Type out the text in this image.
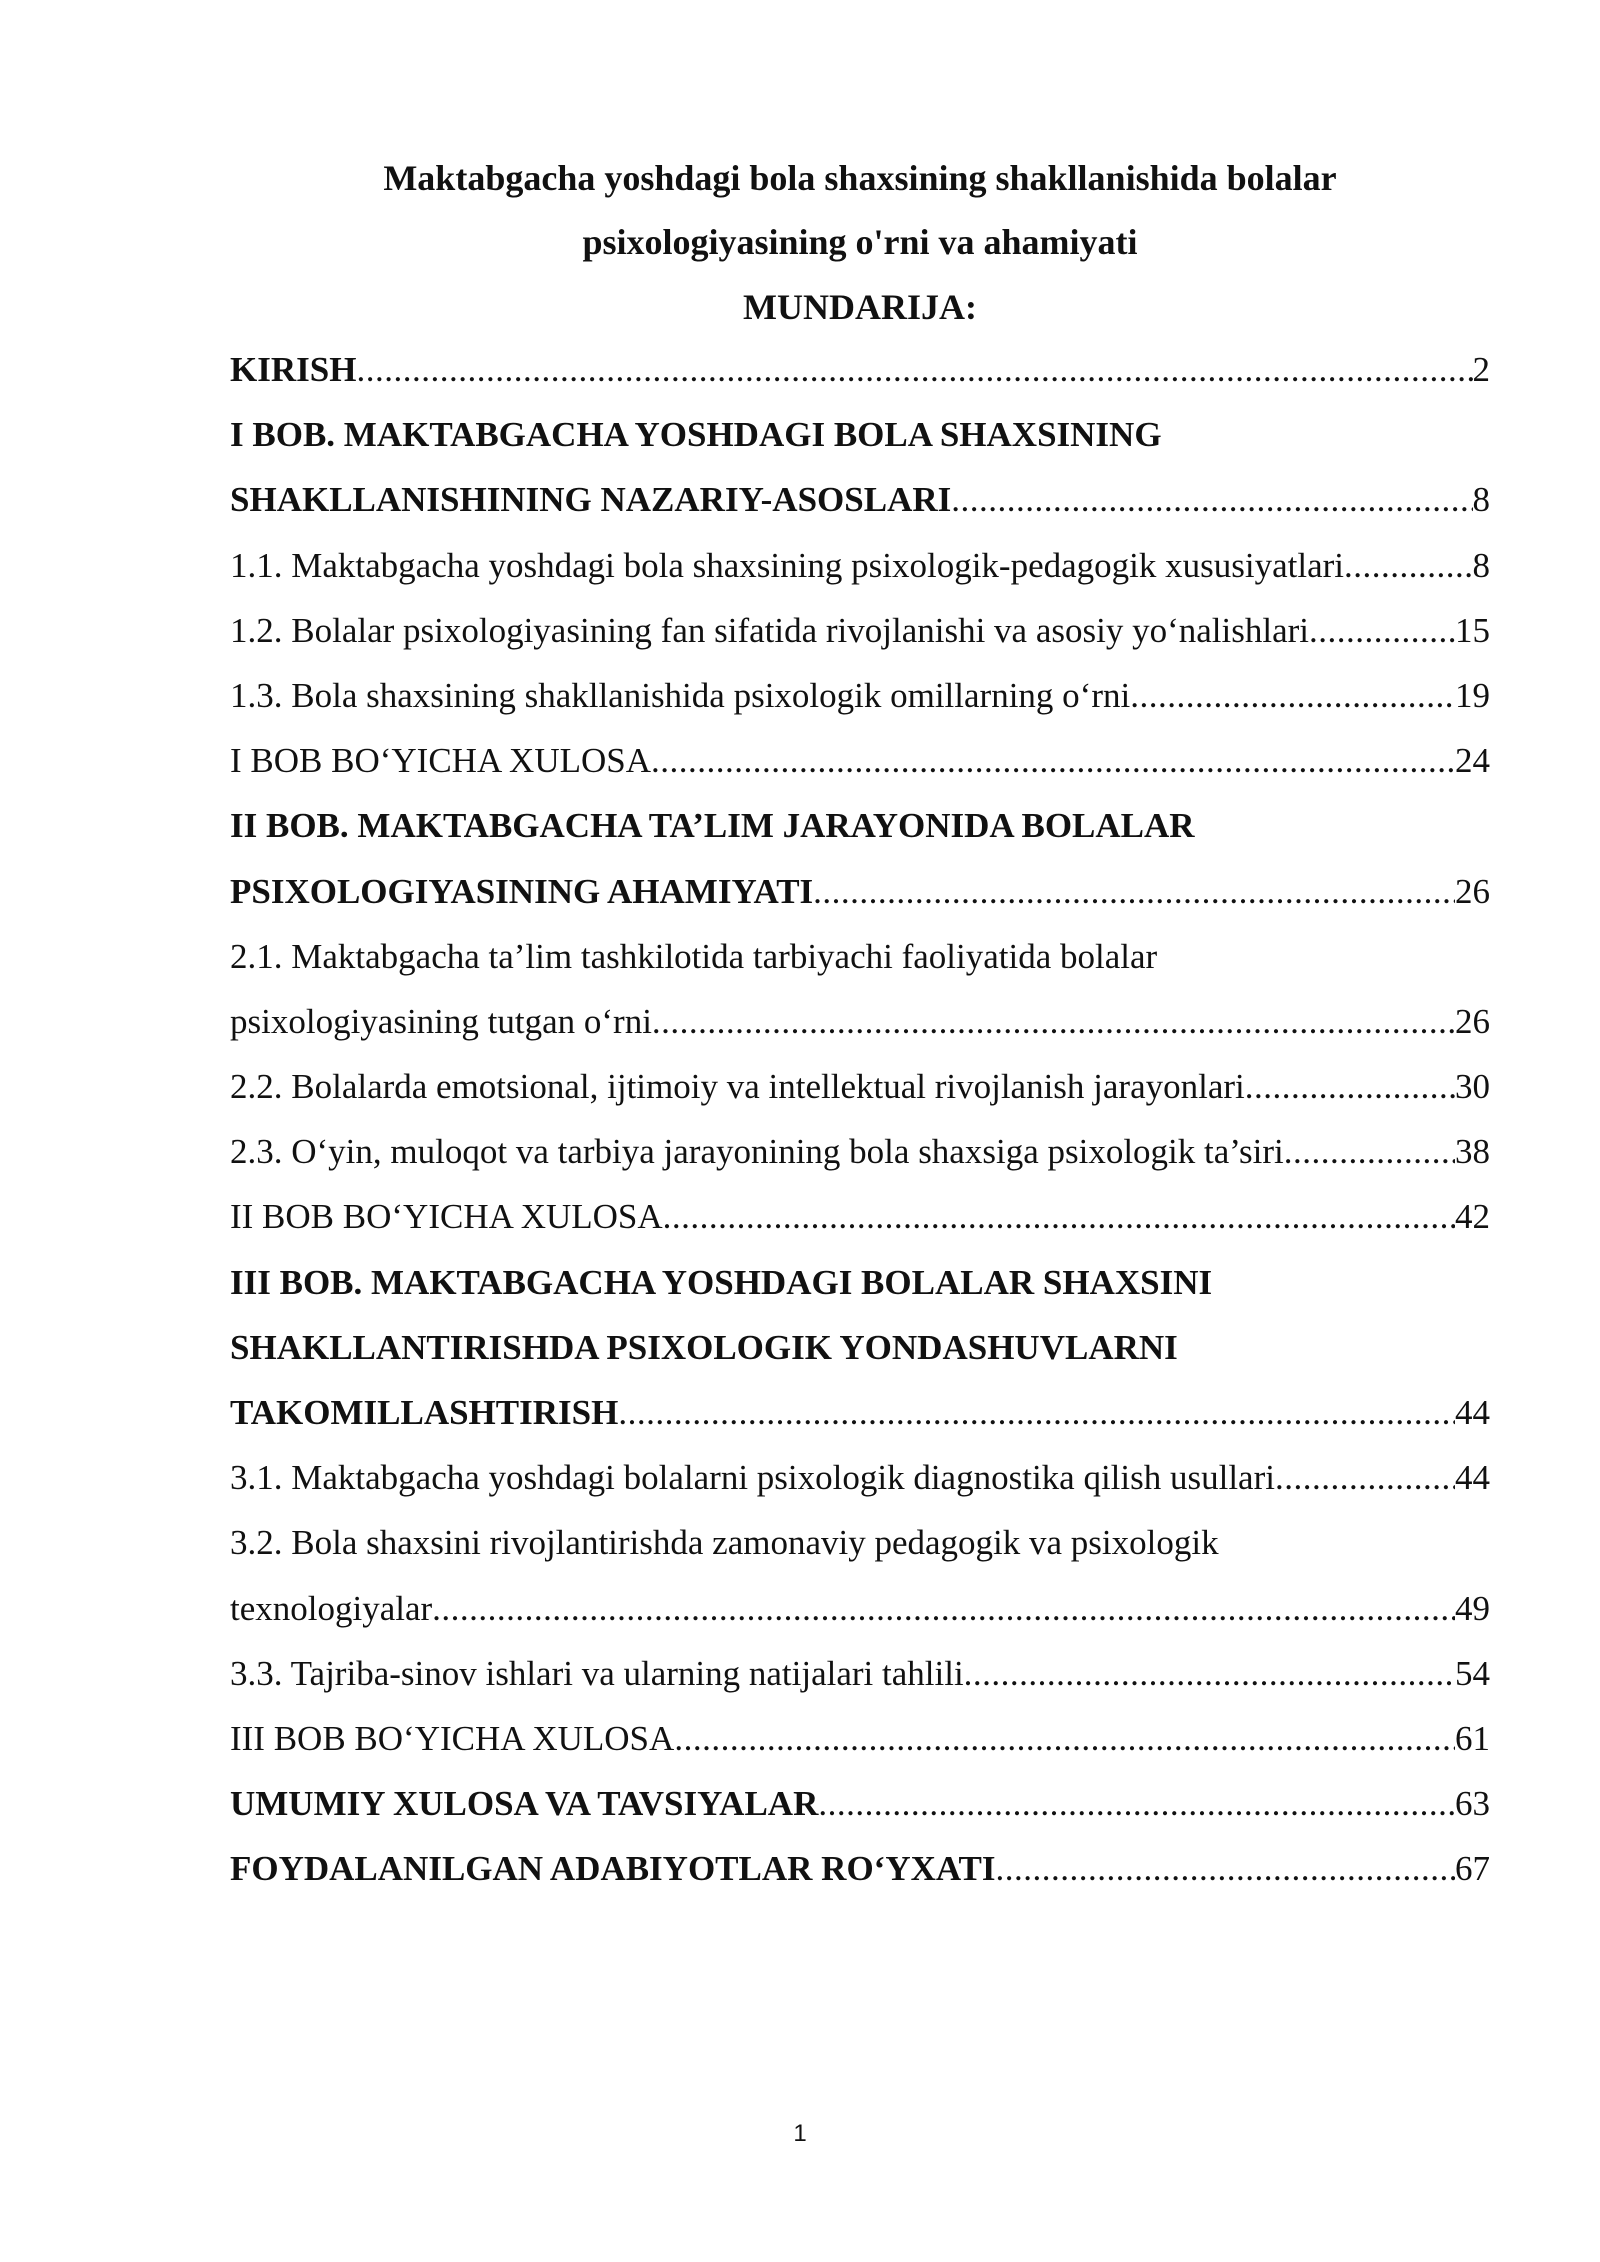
Maktabgacha yoshdagi bola shaxsining shakllanishida bolalar
psixologiyasining o'rni va ahamiyati
MUNDARIJA:
KIRISH .....	2
I BOB. MAKTABGACHA YOSHDAGI BOLA SHAXSINING
SHAKLLANISHINING NAZARIY-ASOSLARI .....	8
1.1. Maktabgacha yoshdagi bola shaxsining psixologik-pedagogik xususiyatlari .....	8
1.2. Bolalar psixologiyasining fan sifatida rivojlanishi va asosiy yo‘nalishlari .....	15
1.3. Bola shaxsining shakllanishida psixologik omillarning o‘rni .....	19
I BOB BO‘YICHA XULOSA .....	24
II BOB. MAKTABGACHA TA’LIM JARAYONIDA BOLALAR
PSIXOLOGIYASINING AHAMIYATI .....	26
2.1. Maktabgacha ta’lim tashkilotida tarbiyachi faoliyatida bolalar
psixologiyasining tutgan o‘rni .....	26
2.2. Bolalarda emotsional, ijtimoiy va intellektual rivojlanish jarayonlari .....	30
2.3. O‘yin, muloqot va tarbiya jarayonining bola shaxsiga psixologik ta’siri .....	38
II BOB BO‘YICHA XULOSA .....	42
III BOB. MAKTABGACHA YOSHDAGI BOLALAR SHAXSINI
SHAKLLANTIRISHDA PSIXOLOGIK YONDASHUVLARNI
TAKOMILLASHTIRISH .....	44
3.1. Maktabgacha yoshdagi bolalarni psixologik diagnostika qilish usullari .....	44
3.2. Bola shaxsini rivojlantirishda zamonaviy pedagogik va psixologik
texnologiyalar .....	49
3.3. Tajriba-sinov ishlari va ularning natijalari tahlili .....	54
III BOB BO‘YICHA XULOSA .....	61
UMUMIY XULOSA VA TAVSIYALAR .....	63
FOYDALANILGAN ADABIYOTLAR RO‘YXATI .....	67
1
